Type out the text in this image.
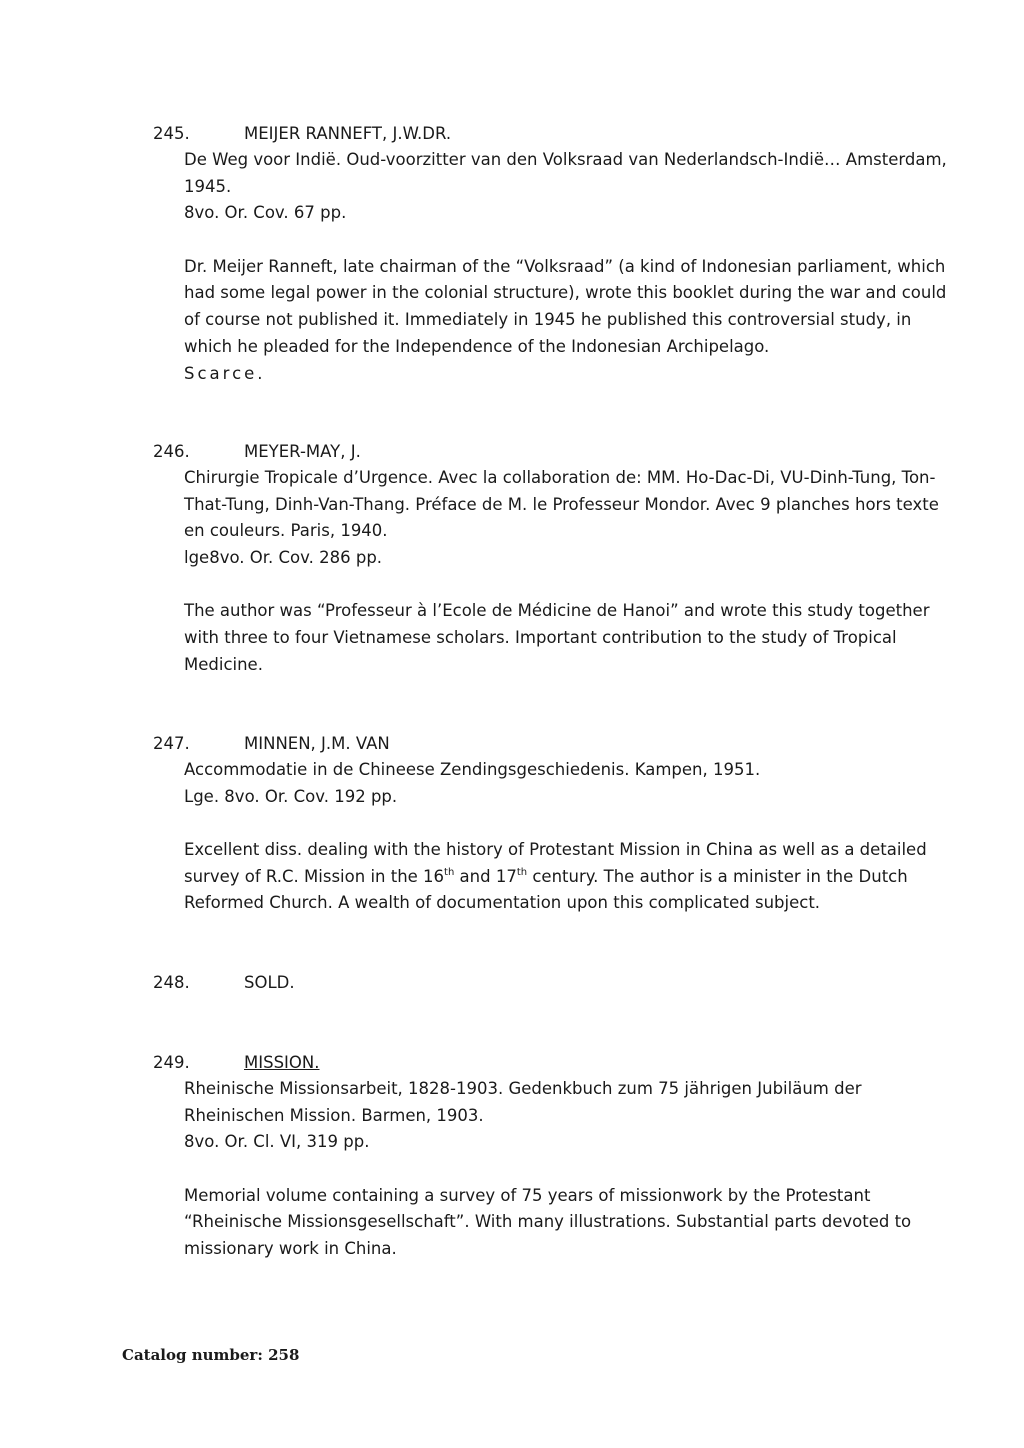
245.	MEIJER RANNEFT, J.W.DR.
De Weg voor Indië. Oud-voorzitter van den Volksraad van Nederlandsch-Indië… Amsterdam,
1945.
8vo. Or. Cov. 67 pp.
Dr. Meijer Ranneft, late chairman of the “Volksraad” (a kind of Indonesian parliament, which
had some legal power in the colonial structure), wrote this booklet during the war and could
of course not published it. Immediately in 1945 he published this controversial study, in
which he pleaded for the Independence of the Indonesian Archipelago.
Scarce.
246.	MEYER-MAY, J.
Chirurgie Tropicale d’Urgence. Avec la collaboration de: MM. Ho-Dac-Di, VU-Dinh-Tung, Ton-
That-Tung, Dinh-Van-Thang. Préface de M. le Professeur Mondor. Avec 9 planches hors texte
en couleurs. Paris, 1940.
lge8vo. Or. Cov. 286 pp.
The author was “Professeur à l’Ecole de Médicine de Hanoi” and wrote this study together
with three to four Vietnamese scholars. Important contribution to the study of Tropical
Medicine.
247.	MINNEN, J.M. VAN
Accommodatie in de Chineese Zendingsgeschiedenis. Kampen, 1951.
Lge. 8vo. Or. Cov. 192 pp.
Excellent diss. dealing with the history of Protestant Mission in China as well as a detailed
survey of R.C. Mission in the 16th and 17th century. The author is a minister in the Dutch
Reformed Church. A wealth of documentation upon this complicated subject.
248.	SOLD.
249.	MISSION.
Rheinische Missionsarbeit, 1828-1903. Gedenkbuch zum 75 jährigen Jubiläum der
Rheinischen Mission. Barmen, 1903.
8vo. Or. Cl. VI, 319 pp.
Memorial volume containing a survey of 75 years of missionwork by the Protestant
“Rheinische Missionsgesellschaft”. With many illustrations. Substantial parts devoted to
missionary work in China.
Catalog number: 258
